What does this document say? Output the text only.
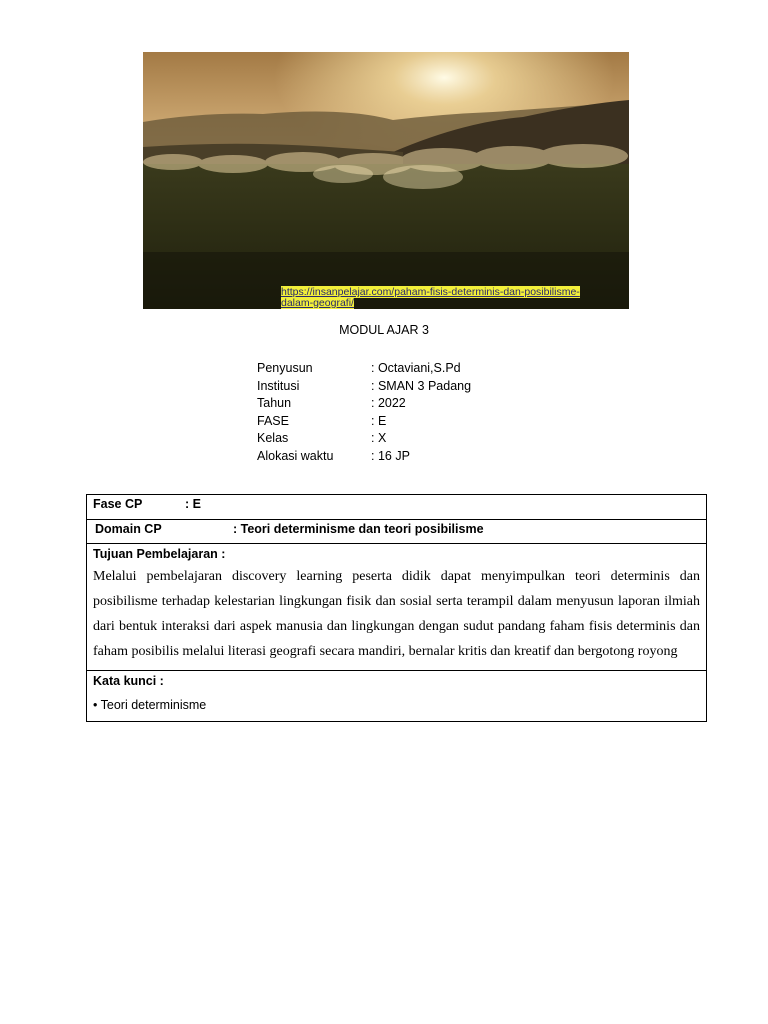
https://insanpelajar.com/paham-fisis-determinis-dan-posibilisme-dalam-geografi/
MODUL AJAR 3
Penyusun	: Octaviani,S.Pd
Institusi	: SMAN 3 Padang
Tahun	: 2022
FASE	: E
Kelas	: X
Alokasi waktu	: 16 JP
Fase CP	: E
Domain CP	: Teori determinisme dan teori posibilisme
Tujuan Pembelajaran :
Melalui pembelajaran discovery learning peserta didik dapat menyimpulkan teori determinis dan posibilisme terhadap kelestarian lingkungan fisik dan sosial serta terampil dalam menyusun laporan ilmiah dari bentuk interaksi dari aspek manusia dan lingkungan dengan sudut pandang faham fisis determinis dan faham posibilis melalui literasi geografi secara mandiri, bernalar kritis dan kreatif dan bergotong royong
Kata kunci :
• Teori determinisme
